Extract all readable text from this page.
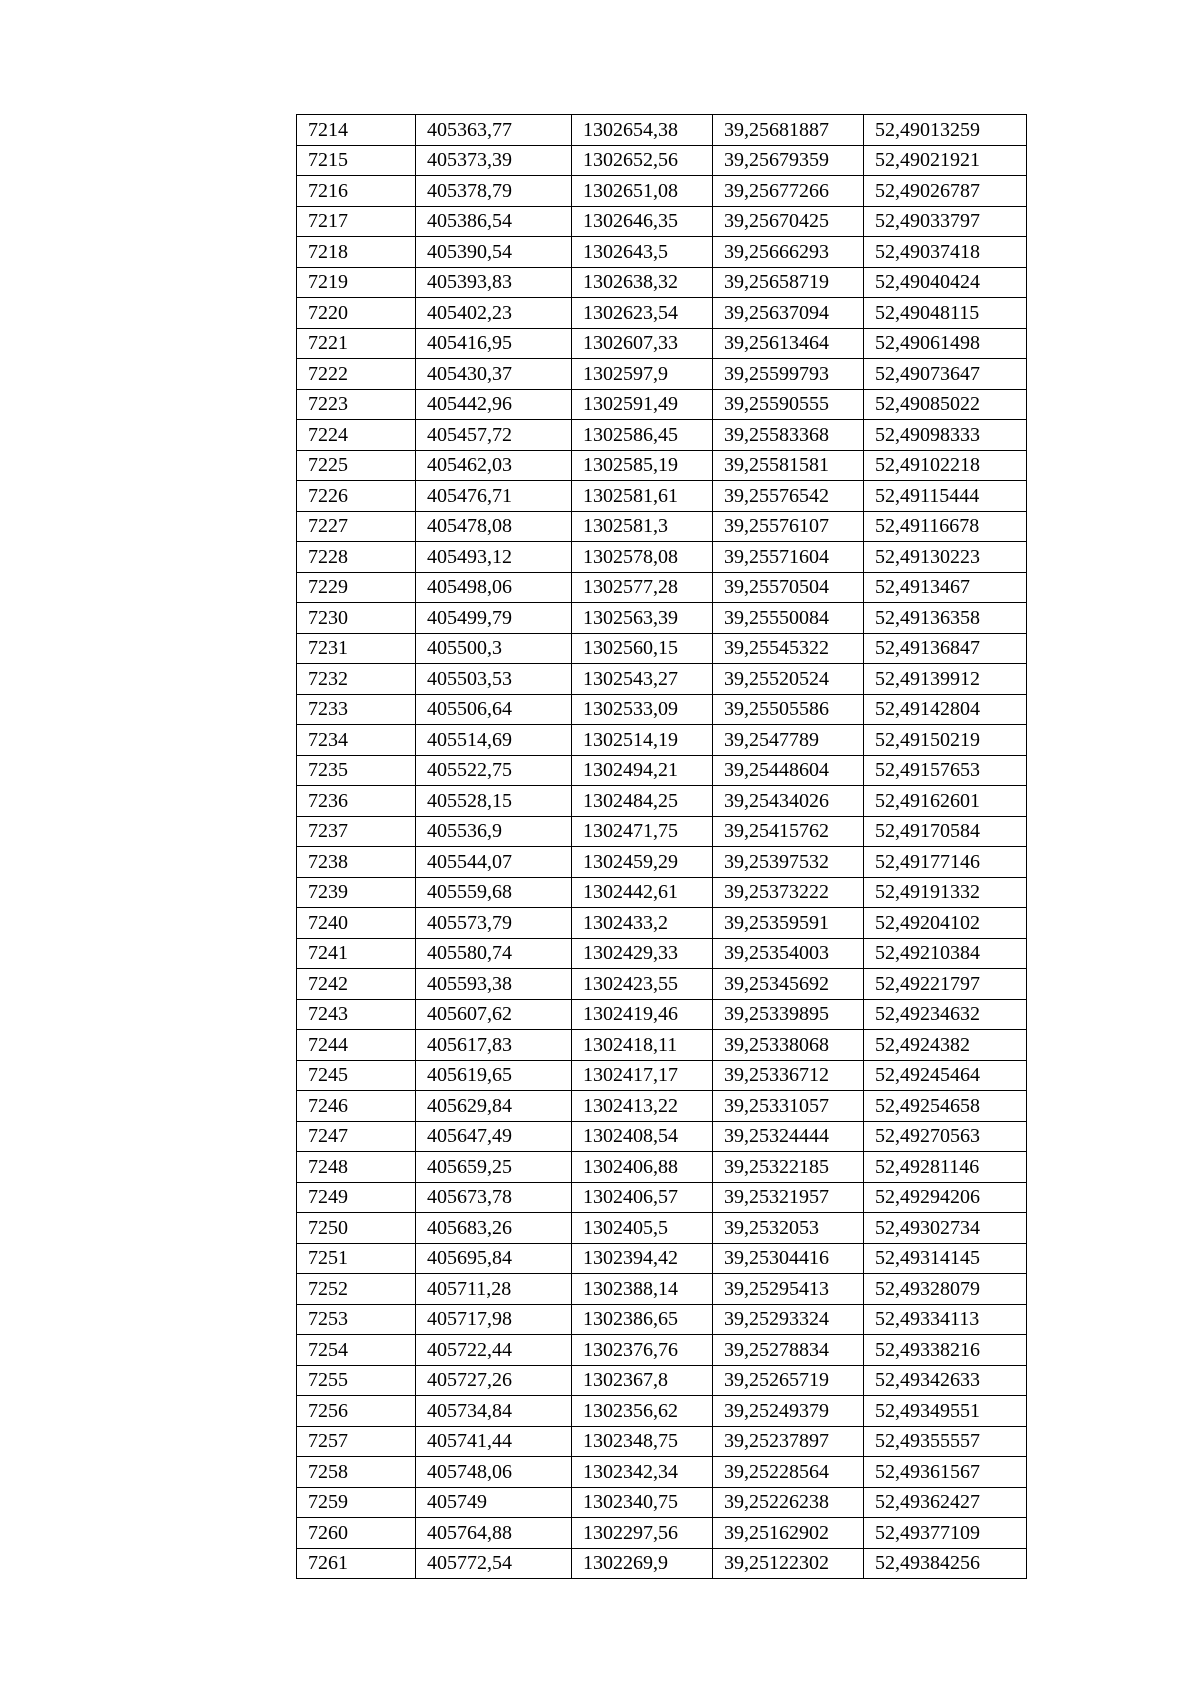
7214	405363,77	1302654,38	39,25681887	52,49013259
7215	405373,39	1302652,56	39,25679359	52,49021921
7216	405378,79	1302651,08	39,25677266	52,49026787
7217	405386,54	1302646,35	39,25670425	52,49033797
7218	405390,54	1302643,5	39,25666293	52,49037418
7219	405393,83	1302638,32	39,25658719	52,49040424
7220	405402,23	1302623,54	39,25637094	52,49048115
7221	405416,95	1302607,33	39,25613464	52,49061498
7222	405430,37	1302597,9	39,25599793	52,49073647
7223	405442,96	1302591,49	39,25590555	52,49085022
7224	405457,72	1302586,45	39,25583368	52,49098333
7225	405462,03	1302585,19	39,25581581	52,49102218
7226	405476,71	1302581,61	39,25576542	52,49115444
7227	405478,08	1302581,3	39,25576107	52,49116678
7228	405493,12	1302578,08	39,25571604	52,49130223
7229	405498,06	1302577,28	39,25570504	52,4913467
7230	405499,79	1302563,39	39,25550084	52,49136358
7231	405500,3	1302560,15	39,25545322	52,49136847
7232	405503,53	1302543,27	39,25520524	52,49139912
7233	405506,64	1302533,09	39,25505586	52,49142804
7234	405514,69	1302514,19	39,2547789	52,49150219
7235	405522,75	1302494,21	39,25448604	52,49157653
7236	405528,15	1302484,25	39,25434026	52,49162601
7237	405536,9	1302471,75	39,25415762	52,49170584
7238	405544,07	1302459,29	39,25397532	52,49177146
7239	405559,68	1302442,61	39,25373222	52,49191332
7240	405573,79	1302433,2	39,25359591	52,49204102
7241	405580,74	1302429,33	39,25354003	52,49210384
7242	405593,38	1302423,55	39,25345692	52,49221797
7243	405607,62	1302419,46	39,25339895	52,49234632
7244	405617,83	1302418,11	39,25338068	52,4924382
7245	405619,65	1302417,17	39,25336712	52,49245464
7246	405629,84	1302413,22	39,25331057	52,49254658
7247	405647,49	1302408,54	39,25324444	52,49270563
7248	405659,25	1302406,88	39,25322185	52,49281146
7249	405673,78	1302406,57	39,25321957	52,49294206
7250	405683,26	1302405,5	39,2532053	52,49302734
7251	405695,84	1302394,42	39,25304416	52,49314145
7252	405711,28	1302388,14	39,25295413	52,49328079
7253	405717,98	1302386,65	39,25293324	52,49334113
7254	405722,44	1302376,76	39,25278834	52,49338216
7255	405727,26	1302367,8	39,25265719	52,49342633
7256	405734,84	1302356,62	39,25249379	52,49349551
7257	405741,44	1302348,75	39,25237897	52,49355557
7258	405748,06	1302342,34	39,25228564	52,49361567
7259	405749	1302340,75	39,25226238	52,49362427
7260	405764,88	1302297,56	39,25162902	52,49377109
7261	405772,54	1302269,9	39,25122302	52,49384256
